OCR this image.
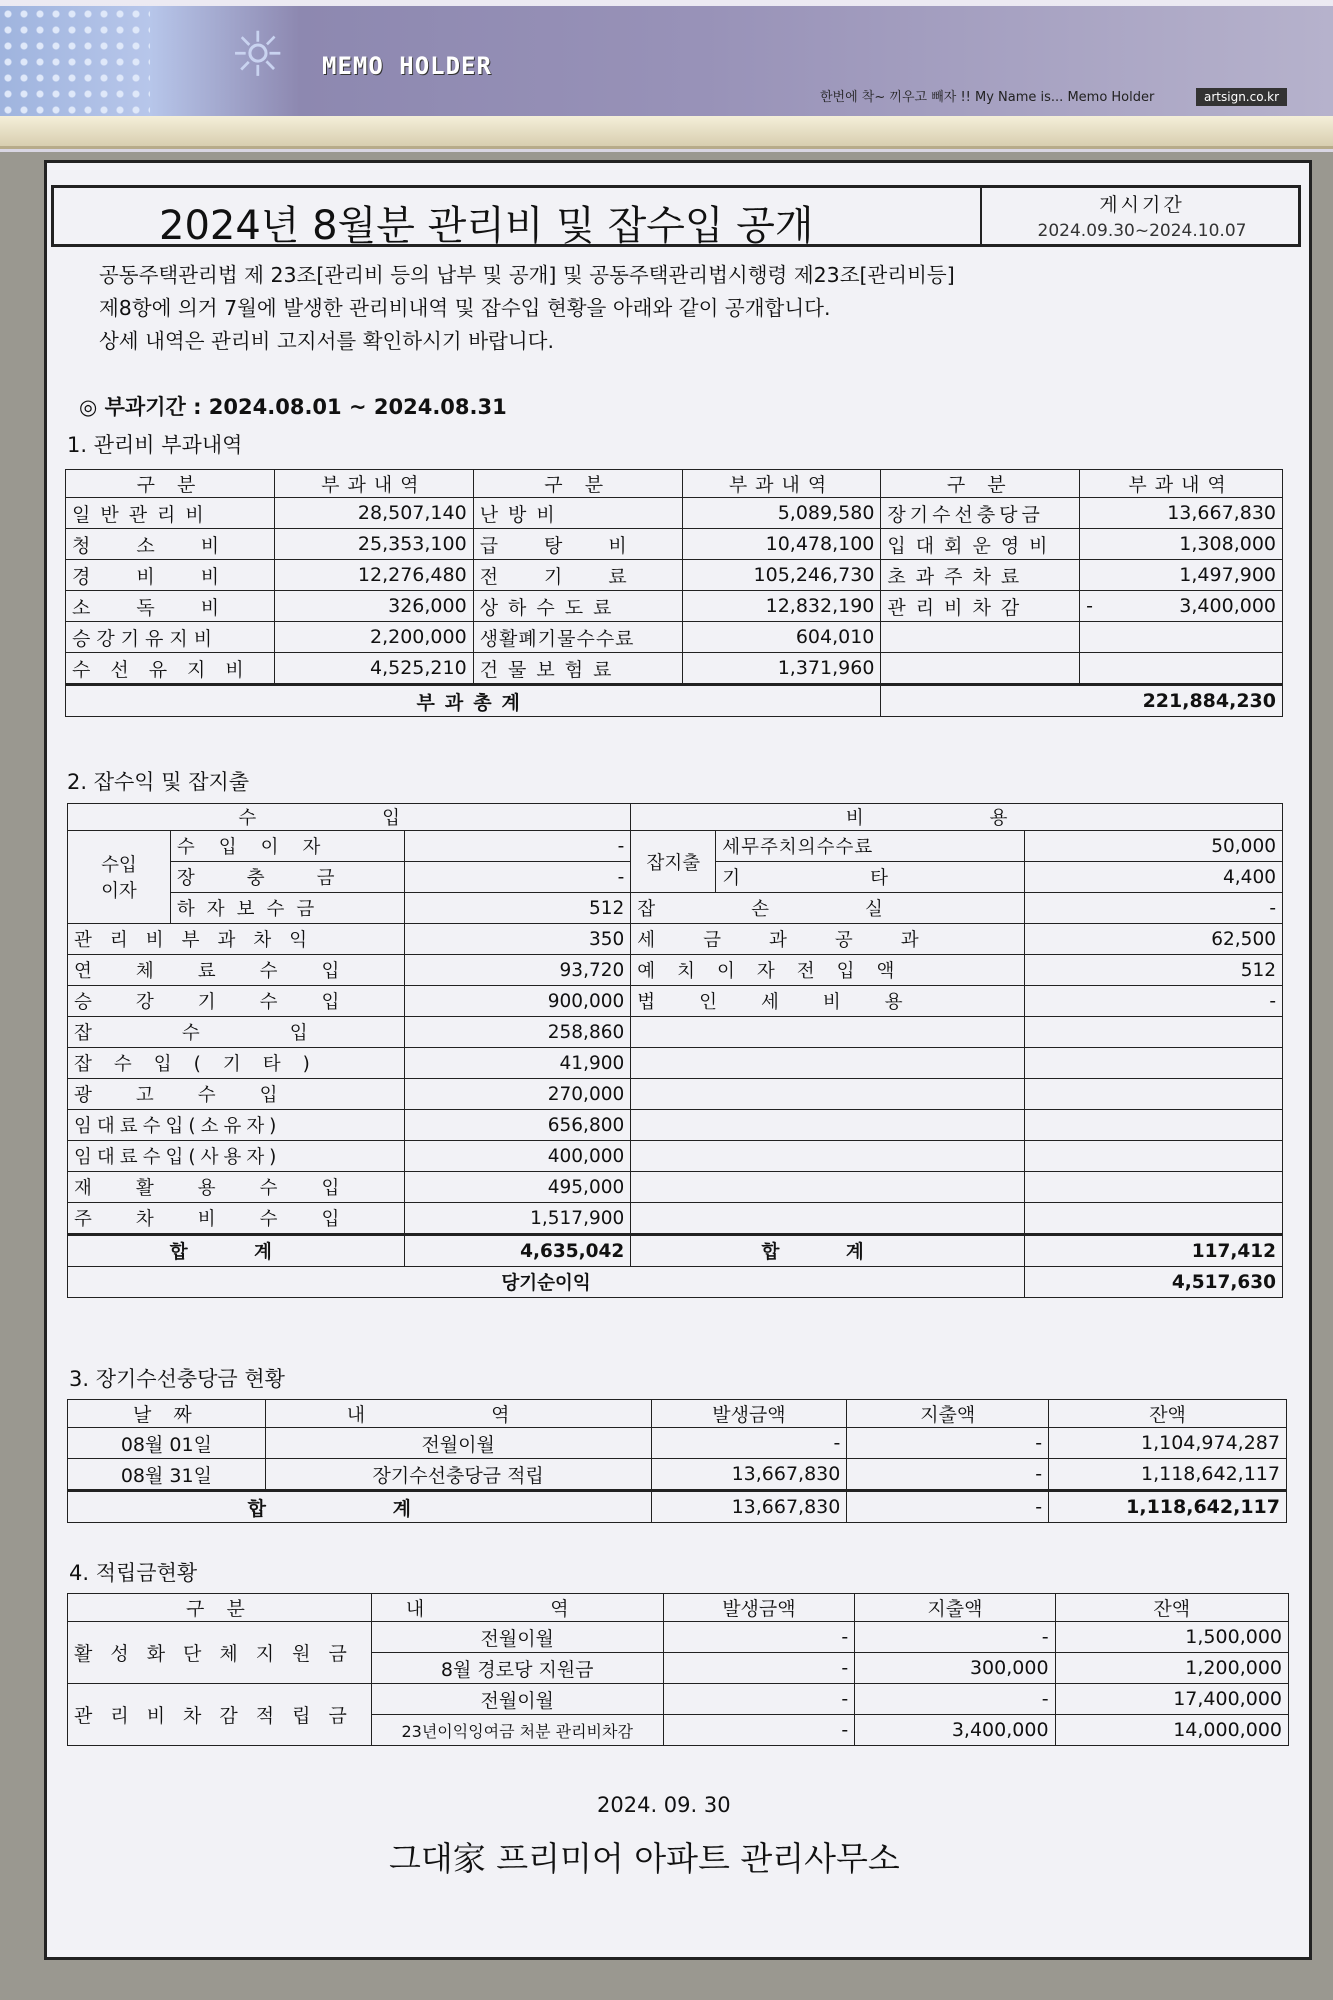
☼	MEMO HOLDER
한번에 착~ 끼우고 빼자 !! My Name is... Memo Holder	artsign.co.kr
2024년 8월분 관리비 및 잡수입 공개	게시기간
2024.09.30~2024.10.07
공동주택관리법 제 23조[관리비 등의 납부 및 공개] 및 공동주택관리법시행령 제23조[관리비등]
제8항에 의거 7월에 발생한 관리비내역 및 잡수입 현황을 아래와 같이 공개합니다.
상세 내역은 관리비 고지서를 확인하시기 바랍니다.
◎ 부과기간 : 2024.08.01 ~ 2024.08.31
1. 관리비 부과내역
구 분	부과내역	구 분	부과내역	구 분	부과내역
일반관리비	28,507,140	난방비	5,089,580	장기수선충당금	13,667,830
청소비	25,353,100	급탕비	10,478,100	입대회운영비	1,308,000
경비비	12,276,480	전기료	105,246,730	초과주차료	1,497,900
소독비	326,000	상하수도료	12,832,190	관리비차감	- 3,400,000
승강기유지비	2,200,000	생활폐기물수수료	604,010		
수선유지비	4,525,210	건물보험료	1,371,960		
부과총계				221,884,230	
2. 잡수익 및 잡지출
수 입			비 용		

수입
이자	수입이자	-	잡지출	세무주치의수수료	50,000
	장충금	-		기타	4,400
	하자보수금	512	잡손실		-
관리비부과차익		350	세금과공과		62,500
연체료수입		93,720	예치이자전입액		512
승강기수입		900,000	법인세비용		-
잡수입		258,860			
잡수입(기타)		41,900			
광고수입		270,000			
임대료수입(소유자)		656,800			
임대료수입(사용자)		400,000			
재활용수입		495,000			
주차비수입		1,517,900			
합 계		4,635,042	합 계		117,412
당기순이익					4,517,630
3. 장기수선충당금 현황
날 짜	내 역	발생금액	지출액	잔액
08월 01일	전월이월	-	-	1,104,974,287
08월 31일	장기수선충당금 적립	13,667,830	-	1,118,642,117
합 계		13,667,830	-	1,118,642,117
4. 적립금현황
구 분	내 역	발생금액	지출액	잔액
활성화단체지원금	전월이월	-	-	1,500,000
	8월 경로당 지원금	-	300,000	1,200,000
관리비차감적립금	전월이월	-	-	17,400,000
	23년이익잉여금 처분 관리비차감	-	3,400,000	14,000,000
2024. 09. 30
그대家 프리미어 아파트 관리사무소
